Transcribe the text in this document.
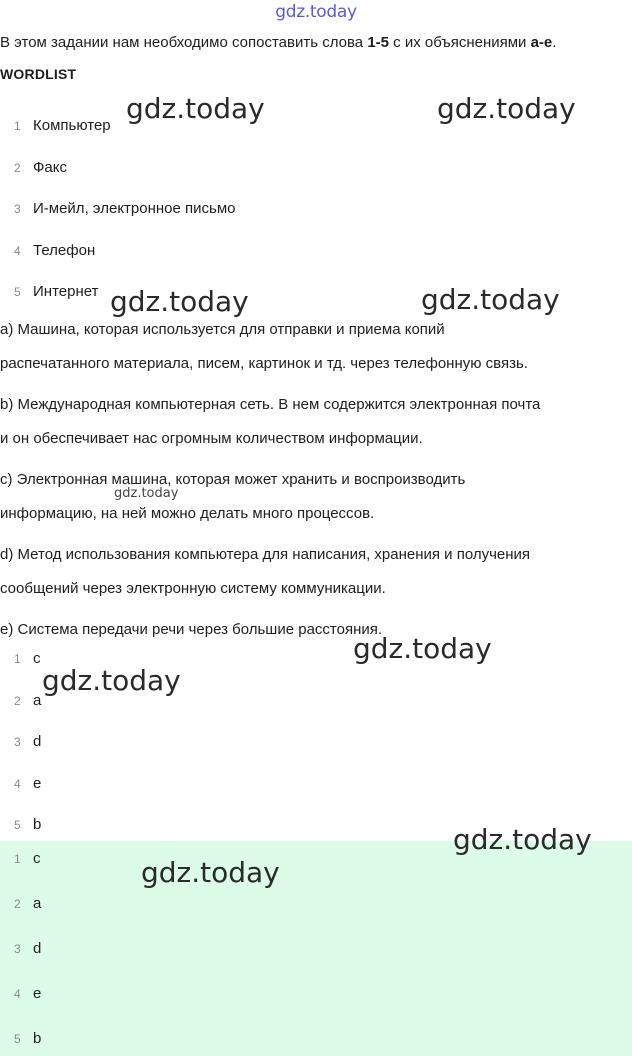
gdz.today
В этом задании нам необходимо сопоставить слова 1-5 с их объяснениями а-е.
WORDLIST
1 Компьютер
2 Факс
3 И-мейл, электронное письмо
4 Телефон
5 Интернет
a) Машина, которая используется для отправки и приема копий
распечатанного материала, писем, картинок и тд. через телефонную связь.
b) Международная компьютерная сеть. В нем содержится электронная почта
и он обеспечивает нас огромным количеством информации.
c) Электронная машина, которая может хранить и воспроизводить
информацию, на ней можно делать много процессов.
d) Метод использования компьютера для написания, хранения и получения
сообщений через электронную систему коммуникации.
e) Система передачи речи через большие расстояния.
1 c
2 a
3 d
4 e
5 b
1 c
2 a
3 d
4 e
5 b
gdz.today	gdz.today
gdz.today	gdz.today
gdz.today
gdz.today
gdz.today
gdz.today
gdz.today
